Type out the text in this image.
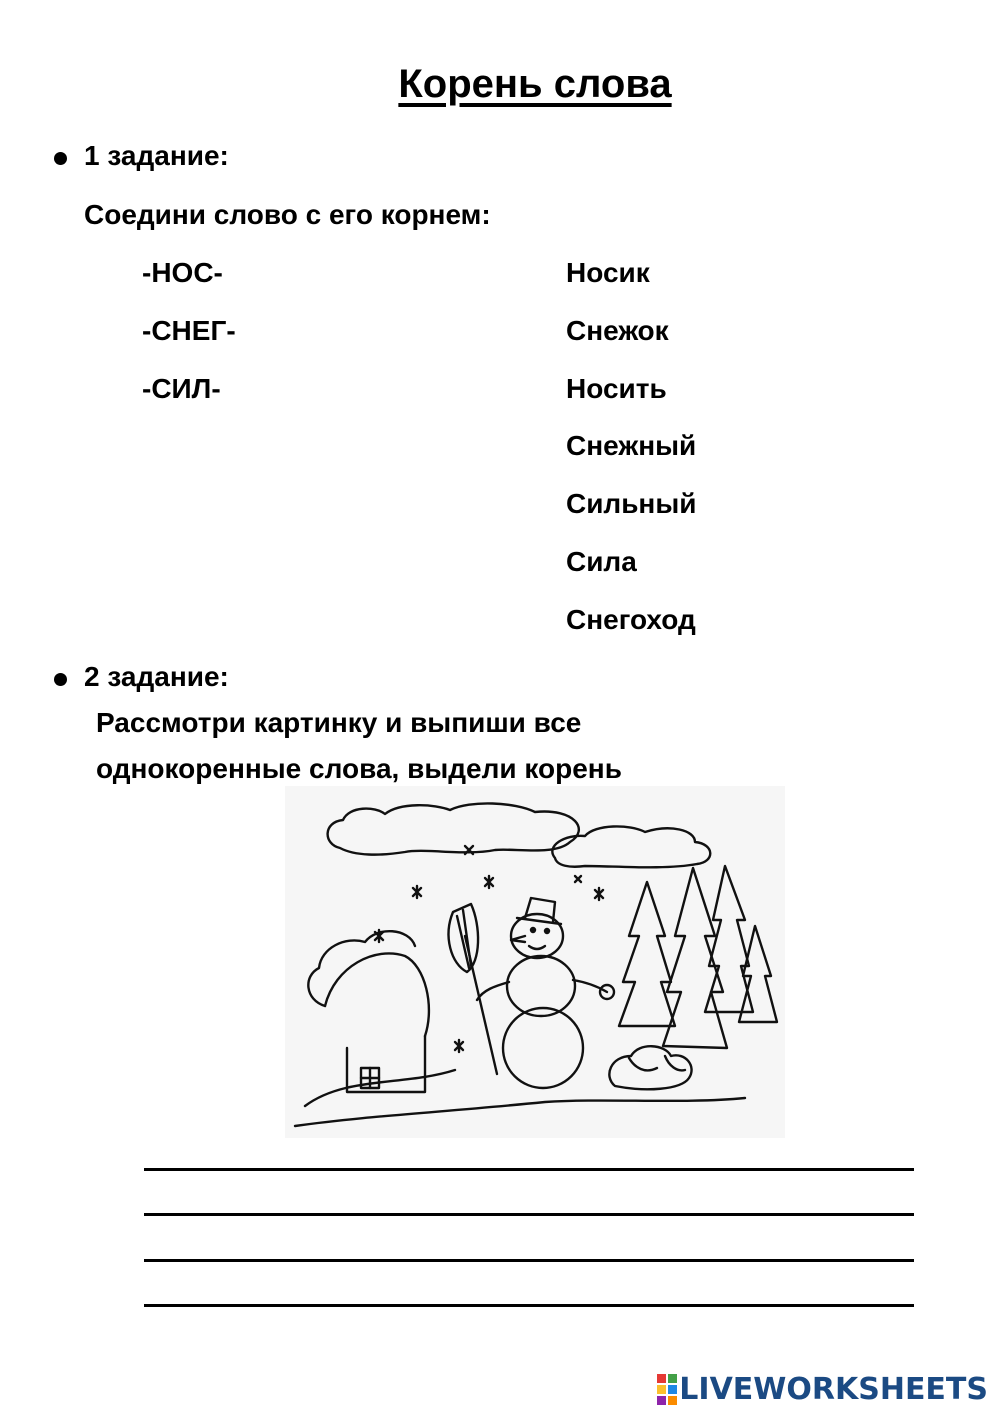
Корень слова
1 задание:
Соедини слово с его корнем:
-НОС-
-СНЕГ-
-СИЛ-
Носик
Снежок
Носить
Снежный
Сильный
Сила
Снегоход
2 задание:
Рассмотри картинку и выпиши все
однокоренные слова, выдели корень
LIVEWORKSHEETS
